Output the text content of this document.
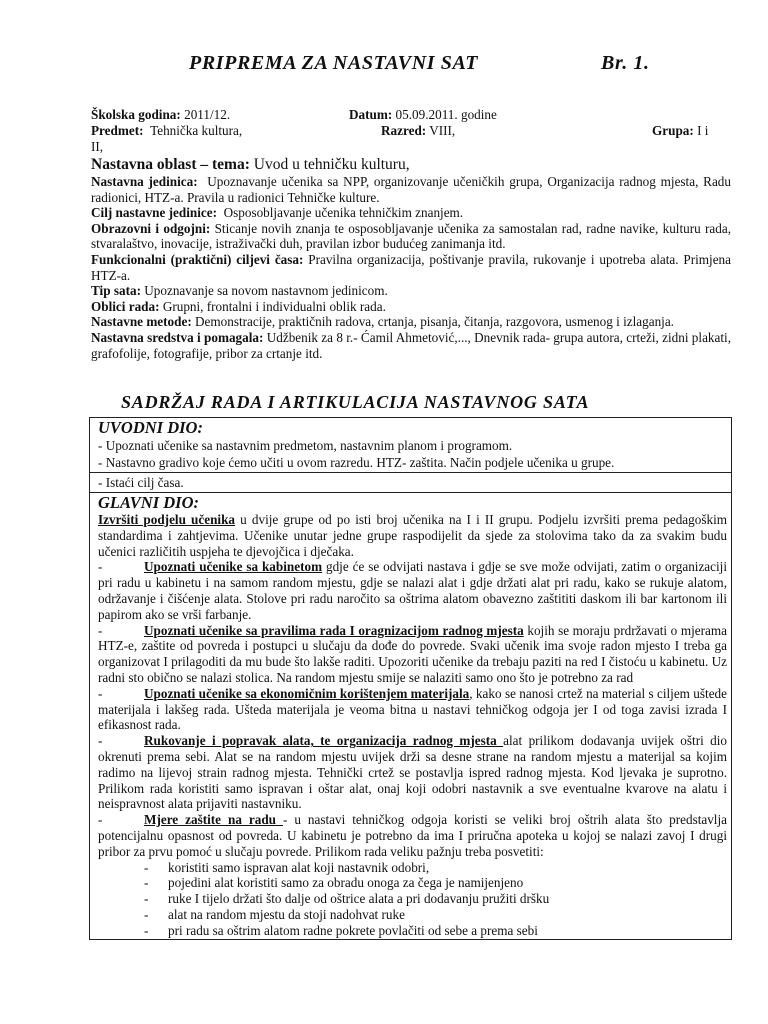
PRIPREMA ZA NASTAVNI SAT	Br. 1.
Školska godina: 2011/12.	Datum: 05.09.2011. godine
Predmet: Tehnička kultura,	Razred: VIII,	Grupa: I i
II,
Nastavna oblast – tema: Uvod u tehničku kulturu,

Nastavna jedinica: Upoznavanje učenika sa NPP, organizovanje učeničkih grupa, Organizacija radnog mjesta, Radu radionici, HTZ-a. Pravila u radionici Tehničke kulture.

Cilj nastavne jedinice: Osposobljavanje učenika tehničkim znanjem.

Obrazovni i odgojni: Sticanje novih znanja te osposobljavanje učenika za samostalan rad, radne navike, kulturu rada, stvaralaštvo, inovacije, istraživački duh, pravilan izbor budućeg zanimanja itd.

Funkcionalni (praktični) ciljevi časa: Pravilna organizacija, poštivanje pravila, rukovanje i upotreba alata. Primjena HTZ-a.

Tip sata: Upoznavanje sa novom nastavnom jedinicom.

Oblici rada: Grupni, frontalni i individualni oblik rada.

Nastavne metode: Demonstracije, praktičnih radova, crtanja, pisanja, čitanja, razgovora, usmenog i izlaganja.

Nastavna sredstva i pomagala: Udžbenik za 8 r.- Ćamil Ahmetović,..., Dnevnik rada- grupa autora, crteži, zidni plakati, grafofolije, fotografije, pribor za crtanje itd.

SADRŽAJ RADA I ARTIKULACIJA NASTAVNOG SATA
UVODNI DIO:
- Upoznati učenike sa nastavnim predmetom, nastavnim planom i programom.
- Nastavno gradivo koje ćemo učiti u ovom razredu. HTZ- zaštita. Način podjele učenika u grupe.
- Istaći cilj časa.
GLAVNI DIO:

Izvršiti podjelu učenika u dvije grupe od po isti broj učenika na I i II grupu. Podjelu izvršiti prema pedagoškim standardima i zahtjevima. Učenike unutar jedne grupe raspodijelit da sjede za stolovima tako da za svakim budu učenici različitih uspjeha te djevojčica i dječaka.

-	Upoznati učenike sa kabinetom gdje će se odvijati nastava i gdje se sve može odvijati, zatim o organizaciji pri radu u kabinetu i na samom random mjestu, gdje se nalazi alat i gdje držati alat pri radu, kako se rukuje alatom, održavanje i čišćenje alata. Stolove pri radu naročito sa oštrima alatom obavezno zaštititi daskom ili bar kartonom ili papirom ako se vrši farbanje.

-	Upoznati učenike sa pravilima rada I oragnizacijom radnog mjesta kojih se moraju prdržavati o mjerama HTZ-e, zaštite od povreda i postupci u slučaju da dođe do povrede. Svaki učenik ima svoje radon mjesto I treba ga organizovat I prilagoditi da mu bude što lakše raditi. Upozoriti učenike da trebaju paziti na red I čistoću u kabinetu. Uz radni sto obično se nalazi stolica. Na random mjestu smije se nalaziti samo ono što je potrebno za rad

-	Upoznati učenike sa ekonomičnim korištenjem materijala, kako se nanosi crtež na material s ciljem uštede materijala i lakšeg rada. Ušteda materijala je veoma bitna u nastavi tehničkog odgoja jer I od toga zavisi izrada I efikasnost rada.

-	Rukovanje i popravak alata, te organizacija radnog mjesta alat prilikom dodavanja uvijek oštri dio okrenuti prema sebi. Alat se na random mjestu uvijek drži sa desne strane na random mjestu a materijal sa kojim radimo na lijevoj strain radnog mjesta. Tehnički crtež se postavlja ispred radnog mjesta. Kod ljevaka je suprotno. Prilikom rada koristiti samo ispravan i oštar alat, onaj koji odobri nastavnik a sve eventualne kvarove na alatu i neispravnost alata prijaviti nastavniku.

-	Mjere zaštite na radu - u nastavi tehničkog odgoja koristi se veliki broj oštrih alata što predstavlja potencijalnu opasnost od povreda. U kabinetu je potrebno da ima I priručna apoteka u kojoj se nalazi zavoj I drugi pribor za prvu pomoć u slučaju povrede. Prilikom rada veliku pažnju treba posvetiti:

- koristiti samo ispravan alat koji nastavnik odobri,
- pojedini alat koristiti samo za obradu onoga za čega je namijenjeno
- ruke I tijelo držati što dalje od oštrice alata a pri dodavanju pružiti dršku
- alat na random mjestu da stoji nadohvat ruke
- pri radu sa oštrim alatom radne pokrete povlačiti od sebe a prema sebi
